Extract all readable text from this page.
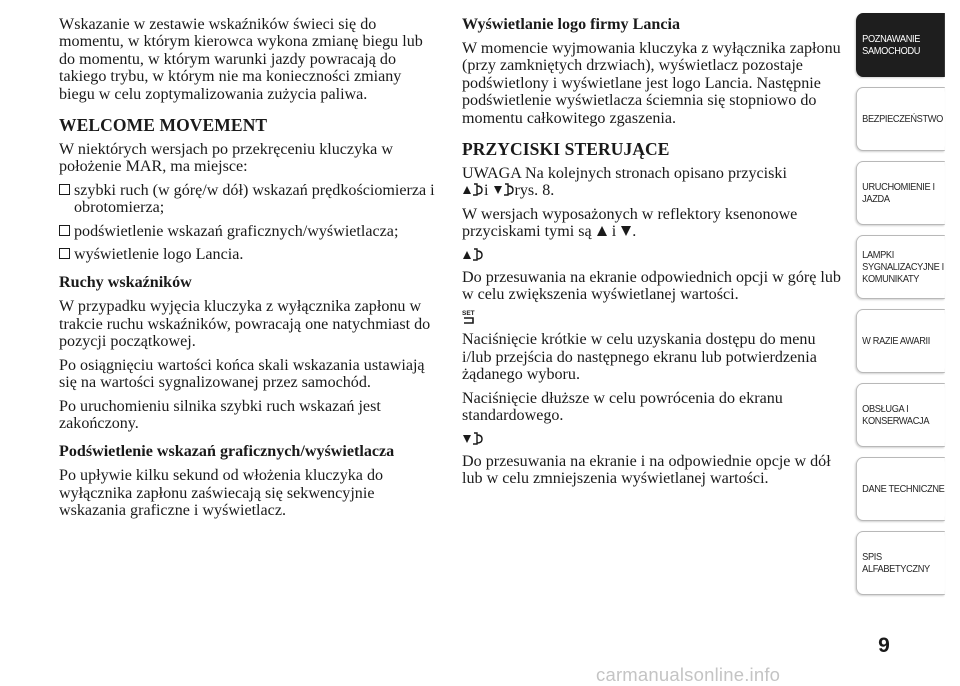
Wskazanie w zestawie wskaźników świeci się do momentu, w którym kierowca wykona zmianę biegu lub do momentu, w którym warunki jazdy powracają do takiego trybu, w którym nie ma konieczności zmiany biegu w celu zoptymalizowania zużycia paliwa.

WELCOME MOVEMENT

W niektórych wersjach po przekręceniu kluczyka w położenie MAR, ma miejsce:

szybki ruch (w górę/w dół) wskazań prędkościomierza i obrotomierza;
podświetlenie wskazań graficznych/wyświetlacza;
wyświetlenie logo Lancia.
Ruchy wskaźników

W przypadku wyjęcia kluczyka z wyłącznika zapłonu w trakcie ruchu wskaźników, powracają one natychmiast do pozycji początkowej.

Po osiągnięciu wartości końca skali wskazania ustawiają się na wartości sygnalizowanej przez samochód.

Po uruchomieniu silnika szybki ruch wskazań jest zakończony.

Podświetlenie wskazań graficznych/wyświetlacza

Po upływie kilku sekund od włożenia kluczyka do wyłącznika zapłonu zaświecają się sekwencyjnie wskazania graficzne i wyświetlacz.

Wyświetlanie logo firmy Lancia

W momencie wyjmowania kluczyka z wyłącznika zapłonu (przy zamkniętych drzwiach), wyświetlacz pozostaje podświetlony i wyświetlane jest logo Lancia. Następnie podświetlenie wyświetlacza ściemnia się stopniowo do momentu całkowitego zgaszenia.

PRZYCISKI STERUJĄCE

UWAGA Na kolejnych stronach opisano przyciski

i rys. 8.

W wersjach wyposażonych w reflektory ksenonowe przyciskami tymi są i .

Do przesuwania na ekranie odpowiednich opcji w górę lub w celu zwiększenia wyświetlanej wartości.

SET

Naciśnięcie krótkie w celu uzyskania dostępu do menu i/lub przejścia do następnego ekranu lub potwierdzenia żądanego wyboru.

Naciśnięcie dłuższe w celu powrócenia do ekranu standardowego.

Do przesuwania na ekranie i na odpowiednie opcje w dół lub w celu zmniejszenia wyświetlanej wartości.

POZNAWANIE SAMOCHODU
BEZPIECZEŃSTWO
URUCHOMIENIE I JAZDA
LAMPKI SYGNALIZACYJNE I KOMUNIKATY
W RAZIE AWARII
OBSŁUGA I KONSERWACJA
DANE TECHNICZNE
SPIS ALFABETYCZNY
9
carmanualsonline.info
